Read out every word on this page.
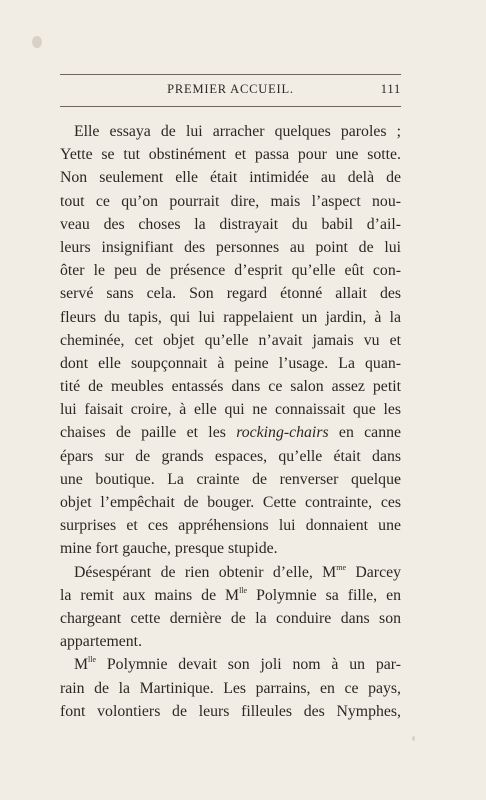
PREMIER ACCUEIL.	111
Elle essaya de lui arracher quelques paroles ;
Yette se tut obstinément et passa pour une sotte.
Non seulement elle était intimidée au delà de
tout ce qu’on pourrait dire, mais l’aspect nou-
veau des choses la distrayait du babil d’ail-
leurs insignifiant des personnes au point de lui
ôter le peu de présence d’esprit qu’elle eût con-
servé sans cela. Son regard étonné allait des
fleurs du tapis, qui lui rappelaient un jardin, à la
cheminée, cet objet qu’elle n’avait jamais vu et
dont elle soupçonnait à peine l’usage. La quan-
tité de meubles entassés dans ce salon assez petit
lui faisait croire, à elle qui ne connaissait que les
chaises de paille et les rocking-chairs en canne
épars sur de grands espaces, qu’elle était dans
une boutique. La crainte de renverser quelque
objet l’empêchait de bouger. Cette contrainte, ces
surprises et ces appréhensions lui donnaient une
mine fort gauche, presque stupide.
Désespérant de rien obtenir d’elle, $M^{me}$ Darcey
la remit aux mains de $M^{lle}$ Polymnie sa fille, en
chargeant cette dernière de la conduire dans son
appartement.
$M^{lle}$ Polymnie devait son joli nom à un par-
rain de la Martinique. Les parrains, en ce pays,
font volontiers de leurs filleules des Nymphes,
